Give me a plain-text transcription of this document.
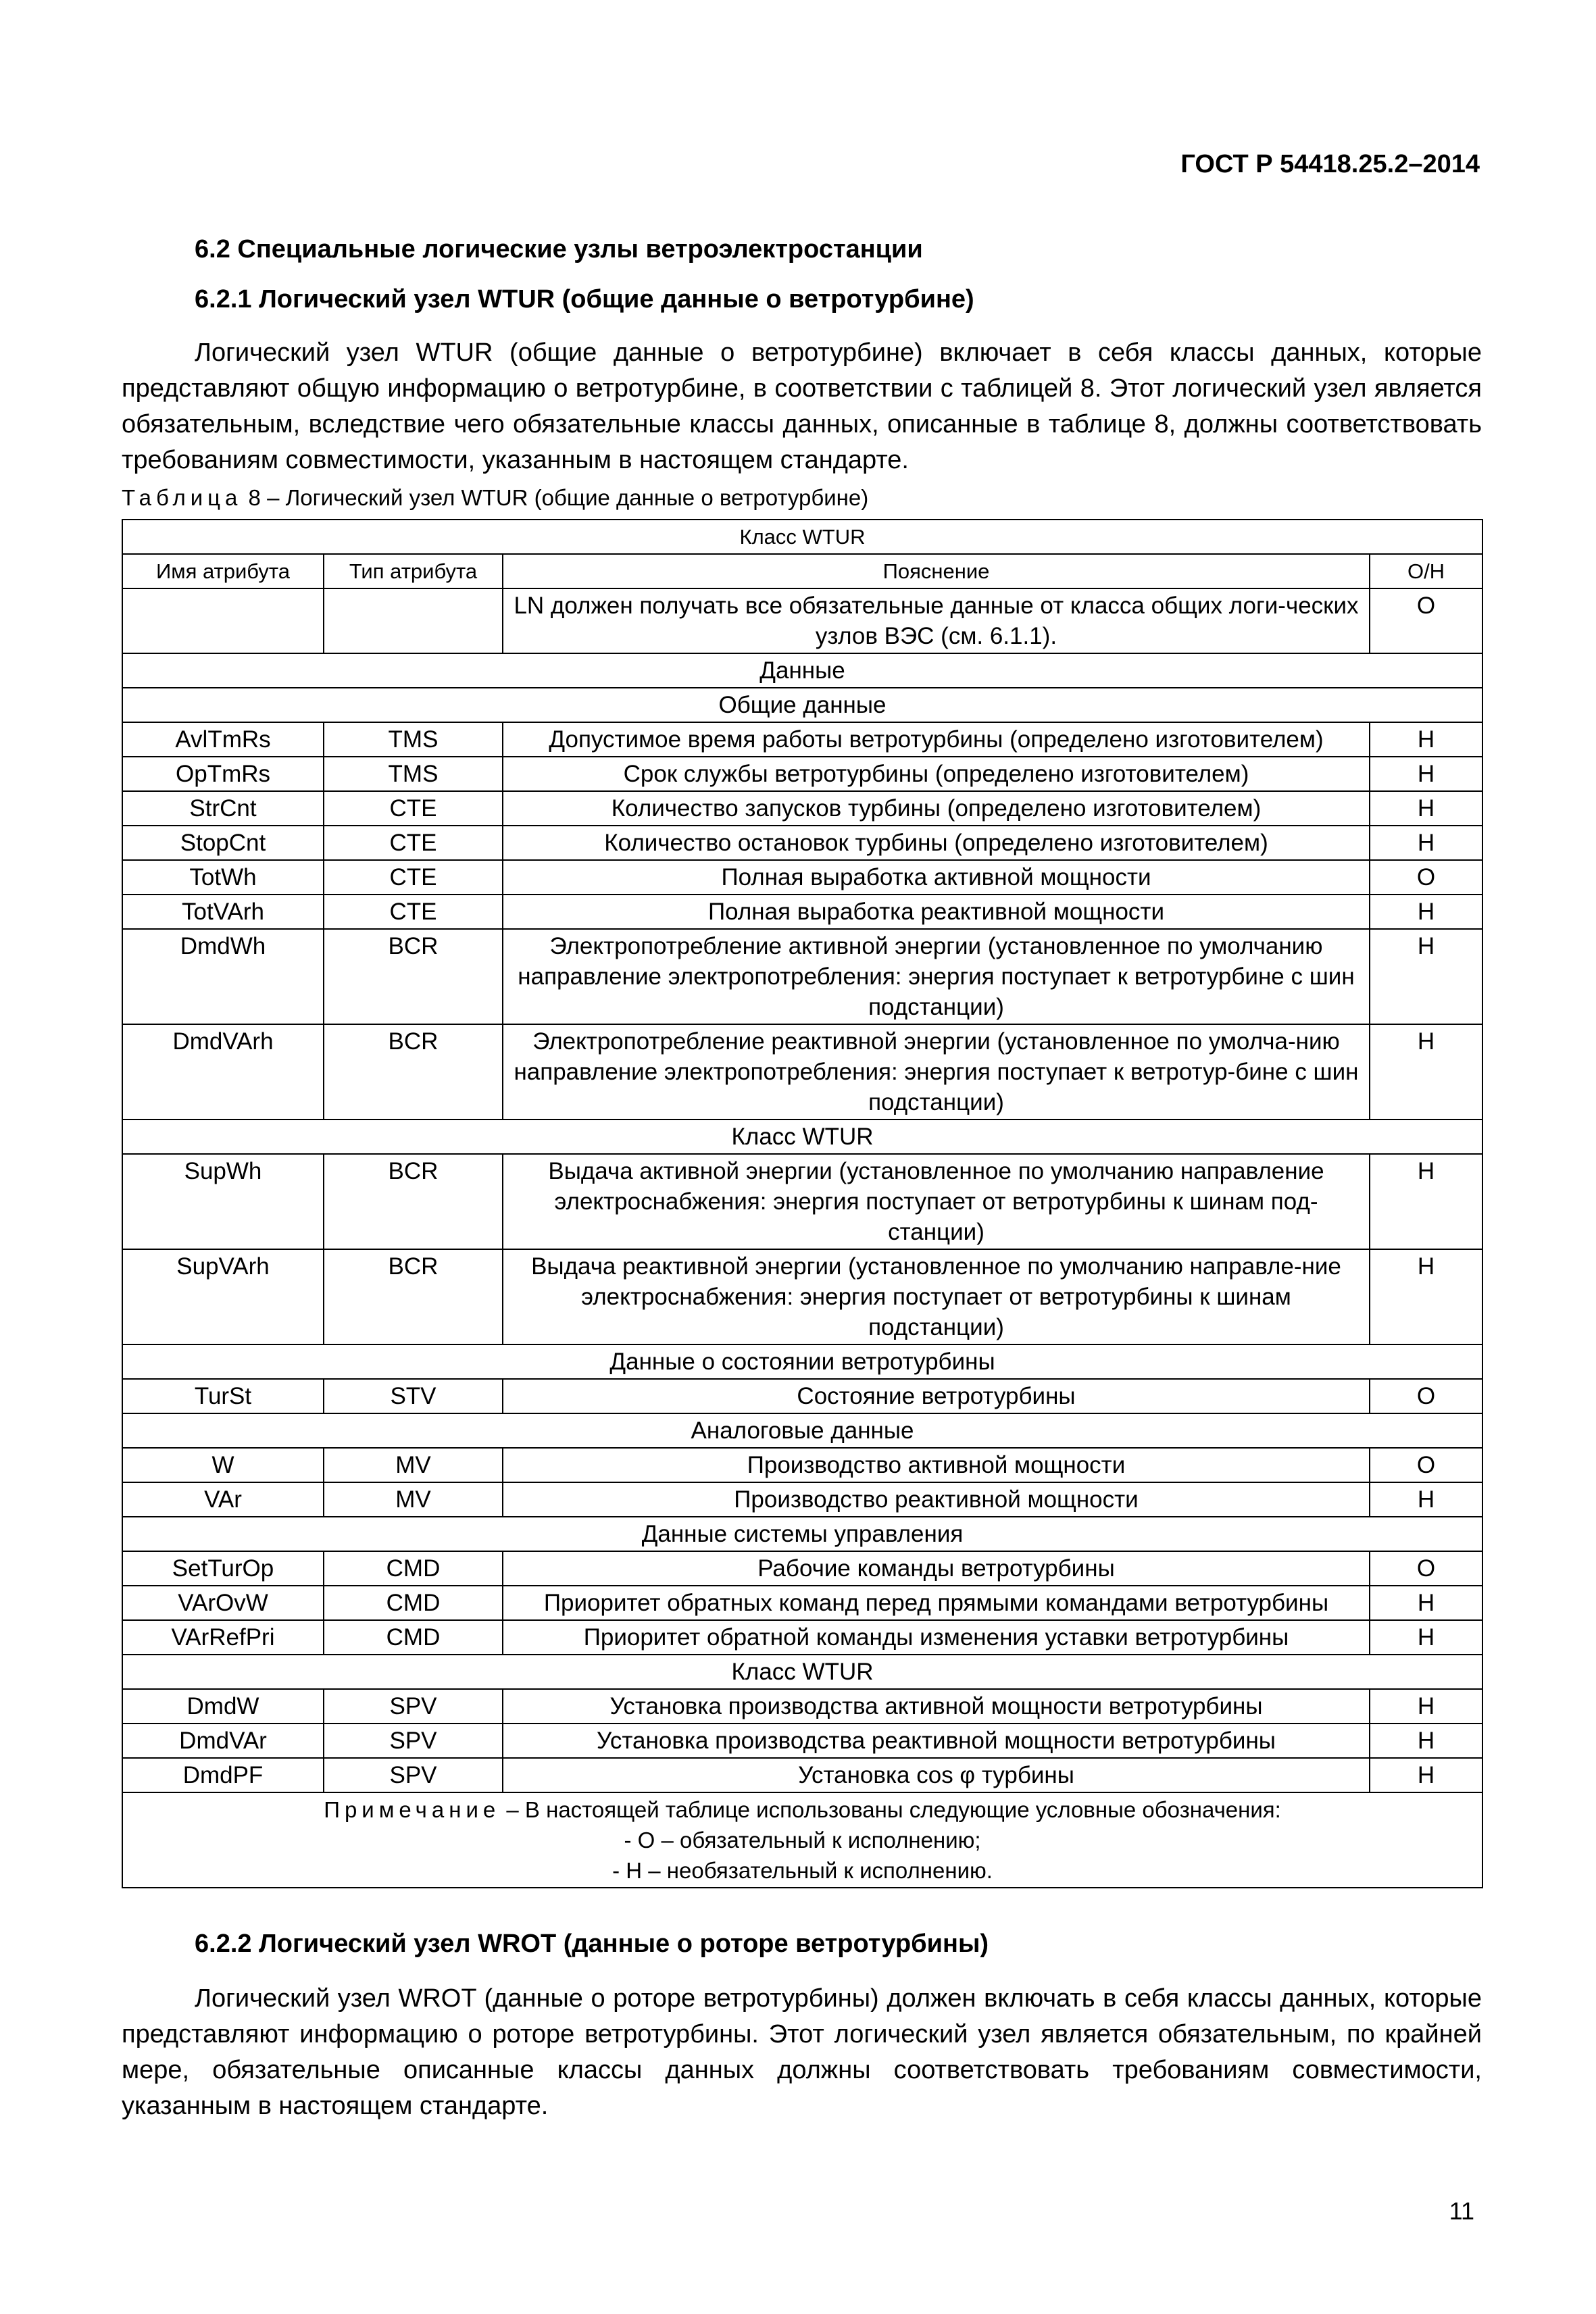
ГОСТ Р 54418.25.2–2014
6.2 Специальные логические узлы ветроэлектростанции
6.2.1 Логический узел WTUR (общие данные о ветротурбине)
Логический узел WTUR (общие данные о ветротурбине) включает в себя классы данных, которые представляют общую информацию о ветротурбине, в соответствии с таблицей 8. Этот логический узел является обязательным, вследствие чего обязательные классы данных, описанные в таблице 8, должны соответствовать требованиям совместимости, указанным в настоящем стандарте.
Таблица 8 – Логический узел WTUR (общие данные о ветротурбине)
Класс WTUR			
Имя атрибута	Тип атрибута	Пояснение	О/Н
		LN должен получать все обязательные данные от класса общих логи-ческих узлов ВЭС (см. 6.1.1).	О
Данные			
Общие данные			
AvlTmRs	TMS	Допустимое время работы ветротурбины (определено изготовителем)	Н
OpTmRs	TMS	Срок службы ветротурбины (определено изготовителем)	Н
StrCnt	CTE	Количество запусков турбины (определено изготовителем)	Н
StopCnt	CTE	Количество остановок турбины (определено изготовителем)	Н
TotWh	CTE	Полная выработка активной мощности	О
TotVArh	CTE	Полная выработка реактивной мощности	Н
DmdWh	BCR	Электропотребление активной энергии (установленное по умолчанию направление электропотребления: энергия поступает к ветротурбине с шин подстанции)	Н
DmdVArh	BCR	Электропотребление реактивной энергии (установленное по умолча-нию направление электропотребления: энергия поступает к ветротур-бине с шин подстанции)	Н
Класс WTUR			
SupWh	BCR	Выдача активной энергии (установленное по умолчанию направление электроснабжения: энергия поступает от ветротурбины к шинам под-станции)	Н
SupVArh	BCR	Выдача реактивной энергии (установленное по умолчанию направле-ние электроснабжения: энергия поступает от ветротурбины к шинам подстанции)	Н
Данные о состоянии ветротурбины			
TurSt	STV	Состояние ветротурбины	О
Аналоговые данные			
W	MV	Производство активной мощности	О
VAr	MV	Производство реактивной мощности	Н
Данные системы управления			
SetTurOp	CMD	Рабочие команды ветротурбины	О
VArOvW	CMD	Приоритет обратных команд перед прямыми командами ветротурбины	Н
VArRefPri	CMD	Приоритет обратной команды изменения уставки ветротурбины	Н
Класс WTUR			
DmdW	SPV	Установка производства активной мощности ветротурбины	Н
DmdVAr	SPV	Установка производства реактивной мощности ветротурбины	Н
DmdPF	SPV	Установка cos φ турбины	Н

Примечание – В настоящей таблице использованы следующие условные обозначения:
- О – обязательный к исполнению;
- Н – необязательный к исполнению.			
6.2.2 Логический узел WROT (данные о роторе ветротурбины)
Логический узел WROT (данные о роторе ветротурбины) должен включать в себя классы данных, которые представляют информацию о роторе ветротурбины. Этот логический узел является обязательным, по крайней мере, обязательные описанные классы данных должны соответствовать требованиям совместимости, указанным в настоящем стандарте.
11
